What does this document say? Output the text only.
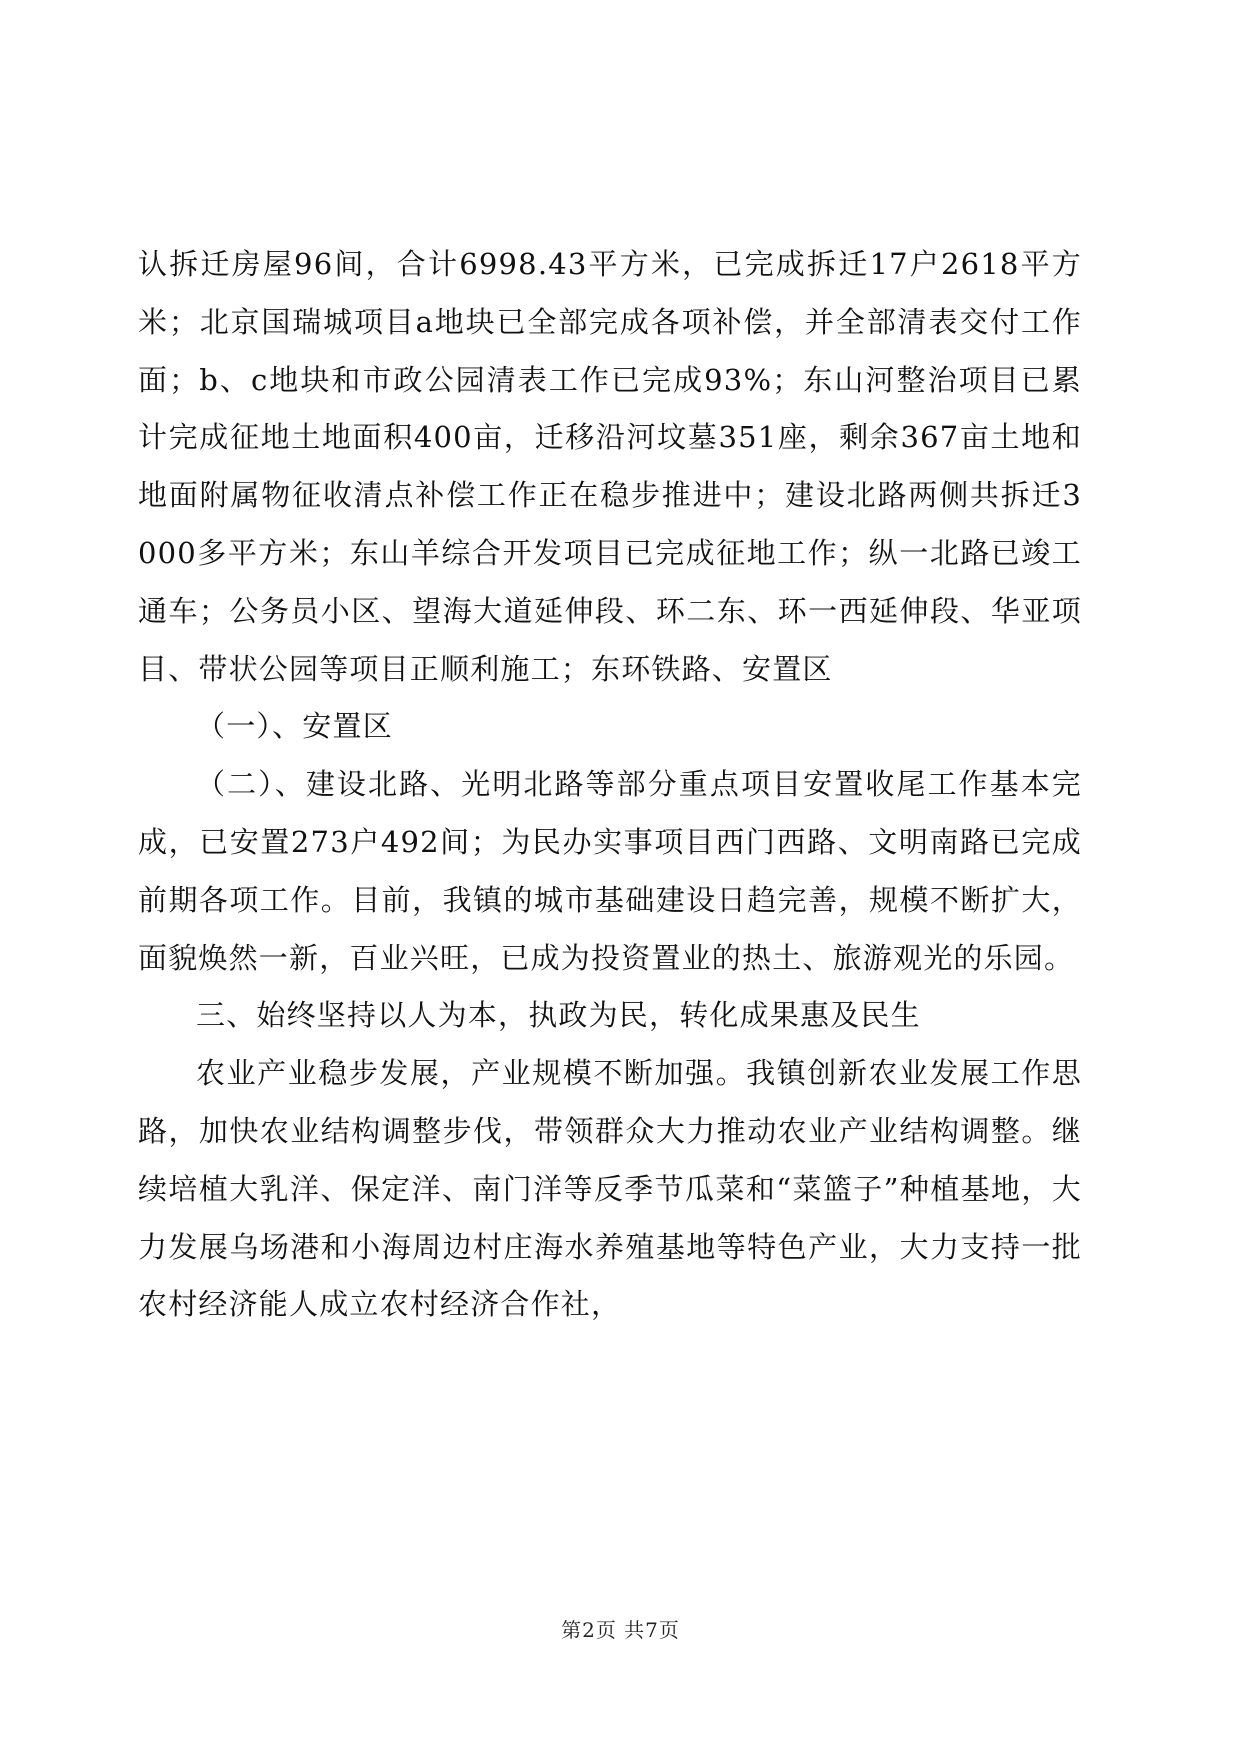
认拆迁房屋96间，合计6998.43平方米，已完成拆迁17户2618平方米；北京国瑞城项目a地块已全部完成各项补偿，并全部清表交付工作面；b、c地块和市政公园清表工作已完成93%；东山河整治项目已累计完成征地土地面积400亩，迁移沿河坟墓351座，剩余367亩土地和地面附属物征收清点补偿工作正在稳步推进中；建设北路两侧共拆迁3000多平方米；东山羊综合开发项目已完成征地工作；纵一北路已竣工通车；公务员小区、望海大道延伸段、环二东、环一西延伸段、华亚项目、带状公园等项目正顺利施工；东环铁路、安置区

（一）、安置区

（二）、建设北路、光明北路等部分重点项目安置收尾工作基本完成，已安置273户492间；为民办实事项目西门西路、文明南路已完成前期各项工作。目前，我镇的城市基础建设日趋完善，规模不断扩大，面貌焕然一新，百业兴旺，已成为投资置业的热土、旅游观光的乐园。

三、始终坚持以人为本，执政为民，转化成果惠及民生

农业产业稳步发展，产业规模不断加强。我镇创新农业发展工作思路，加快农业结构调整步伐，带领群众大力推动农业产业结构调整。继续培植大乳洋、保定洋、南门洋等反季节瓜菜和“菜篮子”种植基地，大力发展乌场港和小海周边村庄海水养殖基地等特色产业，大力支持一批农村经济能人成立农村经济合作社，

第2页 共7页
